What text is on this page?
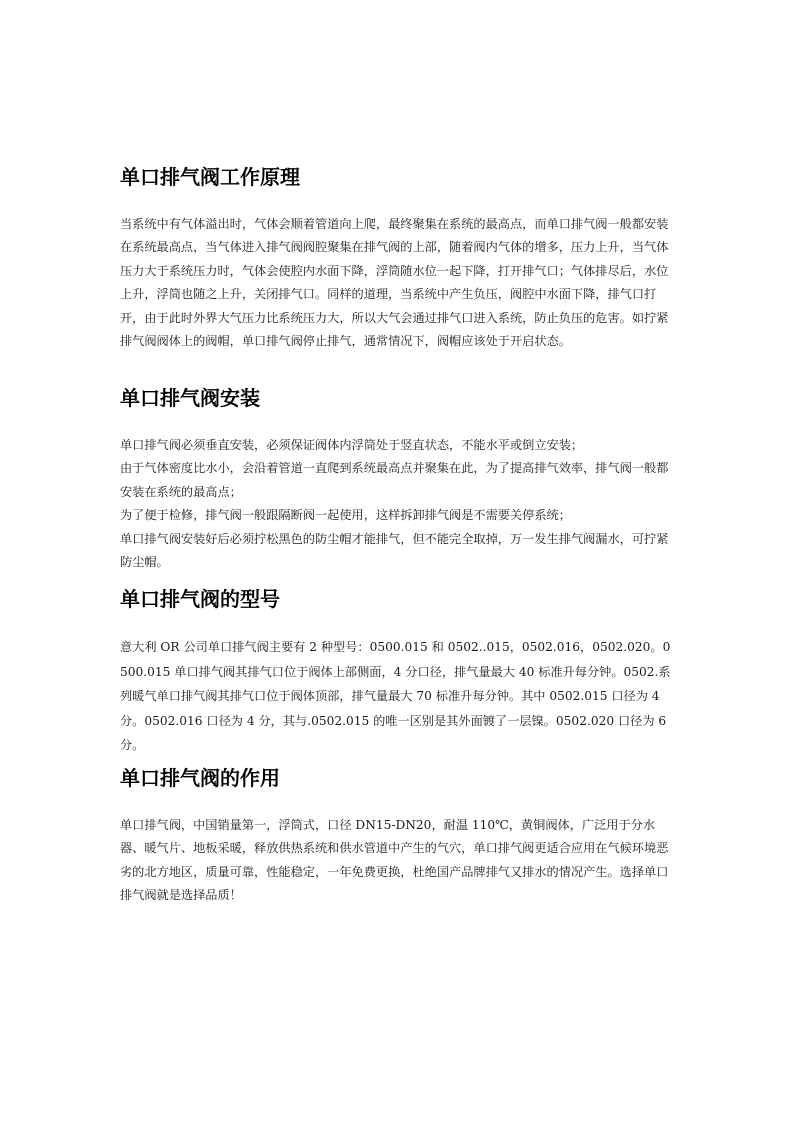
单口排气阀工作原理

当系统中有气体溢出时，气体会顺着管道向上爬，最终聚集在系统的最高点，而单口排气阀一般都安装在系统最高点，当气体进入排气阀阀腔聚集在排气阀的上部，随着阀内气体的增多，压力上升，当气体压力大于系统压力时，气体会使腔内水面下降，浮筒随水位一起下降，打开排气口；气体排尽后，水位上升，浮筒也随之上升，关闭排气口。同样的道理，当系统中产生负压，阀腔中水面下降，排气口打开，由于此时外界大气压力比系统压力大，所以大气会通过排气口进入系统，防止负压的危害。如拧紧排气阀阀体上的阀帽，单口排气阀停止排气，通常情况下，阀帽应该处于开启状态。

单口排气阀安装

单口排气阀必须垂直安装，必须保证阀体内浮筒处于竖直状态，不能水平或倒立安装；

由于气体密度比水小，会沿着管道一直爬到系统最高点并聚集在此，为了提高排气效率，排气阀一般都安装在系统的最高点；

为了便于检修，排气阀一般跟隔断阀一起使用，这样拆卸排气阀是不需要关停系统；

单口排气阀安装好后必须拧松黑色的防尘帽才能排气，但不能完全取掉，万一发生排气阀漏水，可拧紧防尘帽。

单口排气阀的型号

意大利 OR 公司单口排气阀主要有 2 种型号：0500.015 和 0502..015，0502.016，0502.020。0500.015 单口排气阀其排气口位于阀体上部侧面，4 分口径，排气量最大 40 标准升每分钟。0502.系列暖气单口排气阀其排气口位于阀体顶部，排气量最大 70 标准升每分钟。其中 0502.015 口径为 4 分。0502.016 口径为 4 分，其与.0502.015 的唯一区别是其外面镀了一层镍。0502.020 口径为 6 分。

单口排气阀的作用

单口排气阀，中国销量第一，浮筒式，口径 DN15-DN20，耐温 110℃，黄铜阀体，广泛用于分水器、暖气片、地板采暖，释放供热系统和供水管道中产生的气穴，单口排气阀更适合应用在气候环境恶劣的北方地区，质量可靠，性能稳定，一年免费更换，杜绝国产品牌排气又排水的情况产生。选择单口排气阀就是选择品质！
